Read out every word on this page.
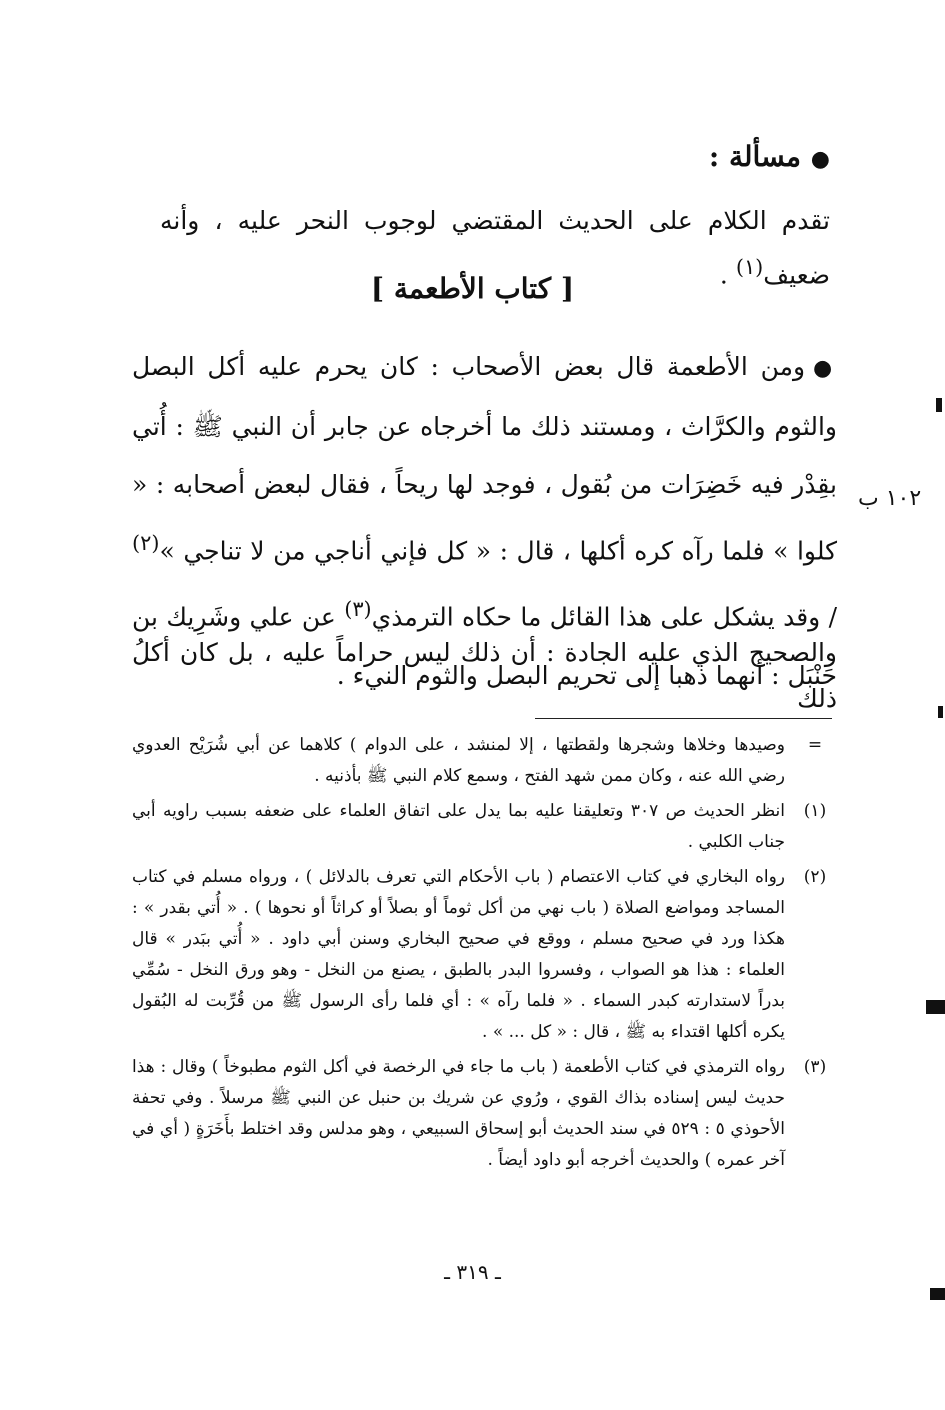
● مسألة :
تقدم الكلام على الحديث المقتضي لوجوب النحر عليه ، وأنه ضعيف$^{(١)}$ .
[ كتاب الأطعمة ]
● ومن الأطعمة قال بعض الأصحاب : كان يحرم عليه أكل البصل والثوم والكرَّاث ، ومستند ذلك ما أخرجاه عن جابر أن النبي ﷺ : أُتي بقِدْر فيه خَضِرَات من بُقول ، فوجد لها ريحاً ، فقال لبعض أصحابه : « كلوا » فلما رآه كره أكلها ، قال : « كل فإني أناجي من لا تناجي »$^{(٢)}$ / وقد يشكل على هذا القائل ما حكاه الترمذي$^{(٣)}$ عن علي وشَرِيك بن حَنْبَل : أنهما ذهبا إلى تحريم البصل والثوم النيء .
١٠٢ ب
والصحيح الذي عليه الجادة : أن ذلك ليس حراماً عليه ، بل كان أكلُ ذلك
=
وصيدها وخلاها وشجرها ولقطتها ، إلا لمنشد ، على الدوام ) كلاهما عن أبي شُرَيْح العدوي رضي الله عنه ، وكان ممن شهد الفتح ، وسمع كلام النبي ﷺ بأذنيه .
(١)
انظر الحديث ص ٣٠٧ وتعليقنا عليه بما يدل على اتفاق العلماء على ضعفه بسبب راويه أبي جناب الكلبي .
(٢)
رواه البخاري في كتاب الاعتصام ( باب الأحكام التي تعرف بالدلائل ) ، ورواه مسلم في كتاب المساجد ومواضع الصلاة ( باب نهي من أكل ثوماً أو بصلاً أو كراثاً أو نحوها ) . « أُتي بقدر » : هكذا ورد في صحيح مسلم ، ووقع في صحيح البخاري وسنن أبي داود . « أُتي ببَدر » قال العلماء : هذا هو الصواب ، وفسروا البدر بالطبق ، يصنع من النخل - وهو ورق النخل - سُمِّي بدراً لاستدارته كبدر السماء . « فلما رآه » : أي فلما رأى الرسول ﷺ من قُرِّبت له البُقول يكره أكلها اقتداء به ﷺ ، قال : « كل ... » .
(٣)
رواه الترمذي في كتاب الأطعمة ( باب ما جاء في الرخصة في أكل الثوم مطبوخاً ) وقال : هذا حديث ليس إسناده بذاك القوي ، ورُوي عن شريك بن حنبل عن النبي ﷺ مرسلاً . وفي تحفة الأحوذي ٥ : ٥٢٩ في سند الحديث أبو إسحاق السبيعي ، وهو مدلس وقد اختلط بأَخَرَةٍ ( أي في آخر عمره ) والحديث أخرجه أبو داود أيضاً .
ـ ٣١٩ ـ
